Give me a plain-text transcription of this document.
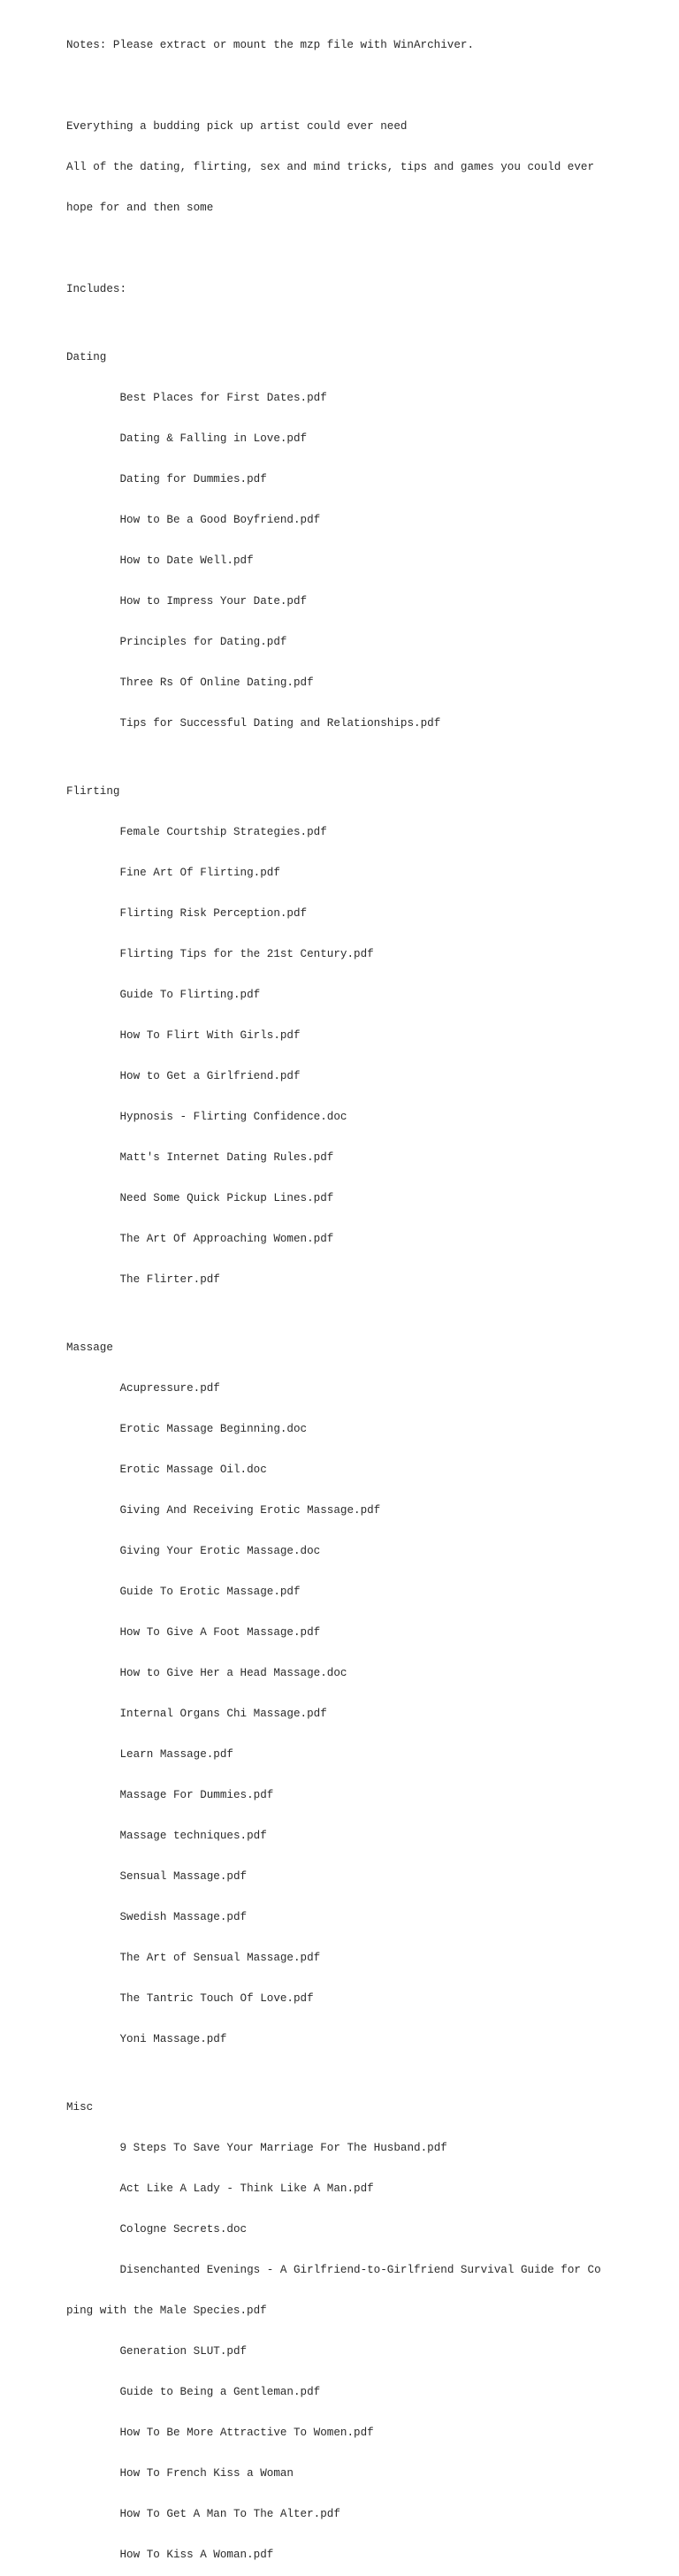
Notes: Please extract or mount the mzp file with WinArchiver.

Everything a budding pick up artist could ever need

All of the dating, flirting, sex and mind tricks, tips and games you could ever

hope for and then some

Includes:

Dating

Best Places for First Dates.pdf

Dating & Falling in Love.pdf

Dating for Dummies.pdf

How to Be a Good Boyfriend.pdf

How to Date Well.pdf

How to Impress Your Date.pdf

Principles for Dating.pdf

Three Rs Of Online Dating.pdf

Tips for Successful Dating and Relationships.pdf

Flirting

Female Courtship Strategies.pdf

Fine Art Of Flirting.pdf

Flirting Risk Perception.pdf

Flirting Tips for the 21st Century.pdf

Guide To Flirting.pdf

How To Flirt With Girls.pdf

How to Get a Girlfriend.pdf

Hypnosis - Flirting Confidence.doc

Matt's Internet Dating Rules.pdf

Need Some Quick Pickup Lines.pdf

The Art Of Approaching Women.pdf

The Flirter.pdf

Massage

Acupressure.pdf

Erotic Massage Beginning.doc

Erotic Massage Oil.doc

Giving And Receiving Erotic Massage.pdf

Giving Your Erotic Massage.doc

Guide To Erotic Massage.pdf

How To Give A Foot Massage.pdf

How to Give Her a Head Massage.doc

Internal Organs Chi Massage.pdf

Learn Massage.pdf

Massage For Dummies.pdf

Massage techniques.pdf

Sensual Massage.pdf

Swedish Massage.pdf

The Art of Sensual Massage.pdf

The Tantric Touch Of Love.pdf

Yoni Massage.pdf

Misc

9 Steps To Save Your Marriage For The Husband.pdf

Act Like A Lady - Think Like A Man.pdf

Cologne Secrets.doc

Disenchanted Evenings - A Girlfriend-to-Girlfriend Survival Guide for Co

ping with the Male Species.pdf

Generation SLUT.pdf

Guide to Being a Gentleman.pdf

How To Be More Attractive To Women.pdf

How To French Kiss a Woman

How To Get A Man To The Alter.pdf

How To Kiss A Woman.pdf
